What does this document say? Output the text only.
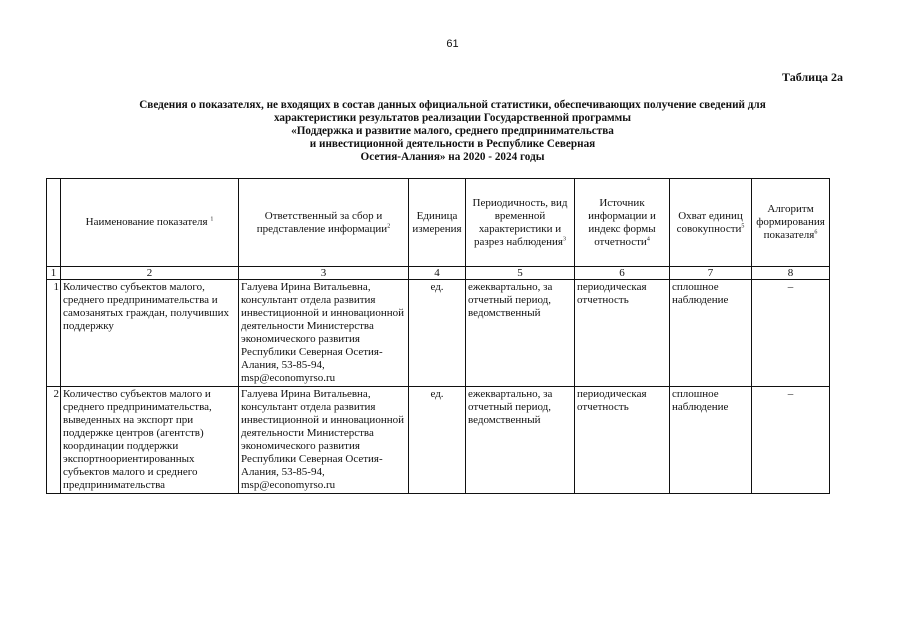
61
Таблица 2а
Сведения о показателях, не входящих в состав данных официальной статистики, обеспечивающих получение сведений для
характеристики результатов реализации Государственной программы
«Поддержка и развитие малого, среднего предпринимательства
и инвестиционной деятельности в Республике Северная
Осетия-Алания» на 2020 - 2024 годы
	Наименование показателя $^1$	Ответственный за сбор и представление информации$^2$	Единица измерения	Периодичность, вид временной характеристики и разрез наблюдения$^3$	Источник информации и индекс формы отчетности$^4$	Охват единиц совокупности$^5$	Алгоритм формирования показателя$^6$
1	2	3	4	5	6	7	8
1	Количество субъектов малого, среднего предпринимательства и самозанятых граждан, получивших поддержку	Галуева Ирина Витальевна, консультант отдела развития инвестиционной и инновационной деятельности Министерства экономического развития Республики Северная Осетия-Алания, 53-85-94, msp@economyrso.ru	ед.	ежеквартально, за отчетный период, ведомственный	периодическая отчетность	сплошное наблюдение	–
2	Количество субъектов малого и среднего предпринимательства, выведенных на экспорт при поддержке центров (агентств) координации поддержки экспортноориентированных субъектов малого и среднего предпринимательства	Галуева Ирина Витальевна, консультант отдела развития инвестиционной и инновационной деятельности Министерства экономического развития Республики Северная Осетия-Алания, 53-85-94, msp@economyrso.ru	ед.	ежеквартально, за отчетный период, ведомственный	периодическая отчетность	сплошное наблюдение	–
